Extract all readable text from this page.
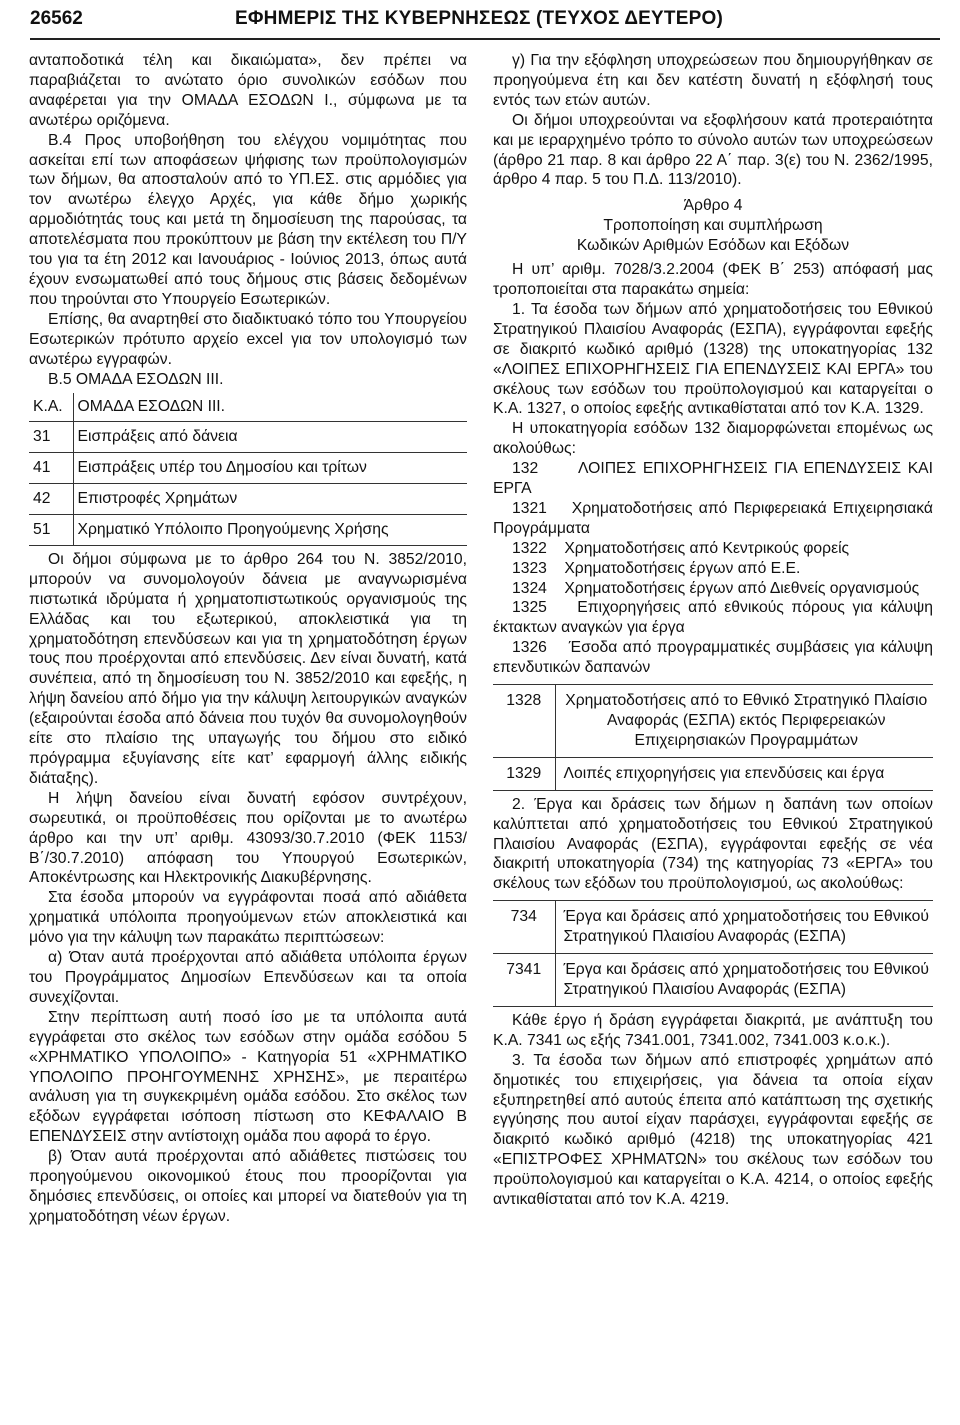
26562	ΕΦΗΜΕΡΙΣ ΤΗΣ ΚΥΒΕΡΝΗΣΕΩΣ (ΤΕΥΧΟΣ ΔΕΥΤΕΡΟ)

ανταποδοτικά τέλη και δικαιώματα», δεν πρέπει να παραβιάζεται το ανώτατο όριο συνολικών εσόδων που αναφέρεται για την ΟΜΑΔΑ ΕΣΟΔΩΝ Ι., σύμφωνα με τα ανωτέρω οριζόμενα.

Β.4 Προς υποβοήθηση του ελέγχου νομιμότητας που ασκείται επί των αποφάσεων ψήφισης των προϋπολογισμών των δήμων, θα αποσταλούν από το ΥΠ.ΕΣ. στις αρμόδιες για τον ανωτέρω έλεγχο Αρχές, για κάθε δήμο χωρικής αρμοδιότητάς τους και μετά τη δημοσίευση της παρούσας, τα αποτελέσματα που προκύπτουν με βάση την εκτέλεση του Π/Υ του για τα έτη 2012 και Ιανουάριος - Ιούνιος 2013, όπως αυτά έχουν ενσωματωθεί από τους δήμους στις βάσεις δεδομένων που τηρούνται στο Υπουργείο Εσωτερικών.

Επίσης, θα αναρτηθεί στο διαδικτυακό τόπο του Υπουργείου Εσωτερικών πρότυπο αρχείο excel για τον υπολογισμό των ανωτέρω εγγραφών.

Β.5 ΟΜΑΔΑ ΕΣΟΔΩΝ ΙΙΙ.

Κ.Α.	ΟΜΑΔΑ ΕΣΟΔΩΝ ΙΙΙ.
31	Εισπράξεις από δάνεια
41	Εισπράξεις υπέρ του Δημοσίου και τρίτων
42	Επιστροφές Χρημάτων
51	Χρηματικό Υπόλοιπο Προηγούμενης Χρήσης

Οι δήμοι σύμφωνα με το άρθρο 264 του Ν. 3852/2010, μπορούν να συνομολογούν δάνεια με αναγνωρισμένα πιστωτικά ιδρύματα ή χρηματοπιστωτικούς οργανισμούς της Ελλάδας και του εξωτερικού, αποκλειστικά για τη χρηματοδότηση επενδύσεων και για τη χρηματοδότηση έργων τους που προέρχονται από επενδύσεις. Δεν είναι δυνατή, κατά συνέπεια, από τη δημοσίευση του Ν. 3852/2010 και εφεξής, η λήψη δανείου από δήμο για την κάλυψη λειτουργικών αναγκών (εξαιρούνται έσοδα από δάνεια που τυχόν θα συνομολογηθούν είτε στο πλαίσιο της υπαγωγής του δήμου στο ειδικό πρόγραμμα εξυγίανσης είτε κατ’ εφαρμογή άλλης ειδικής διάταξης).

Η λήψη δανείου είναι δυνατή εφόσον συντρέχουν, σωρευτικά, οι προϋποθέσεις που ορίζονται με το ανωτέρω άρθρο και την υπ’ αριθμ. 43093/30.7.2010 (ΦΕΚ 1153/Β΄/30.7.2010) απόφαση του Υπουργού Εσωτερικών, Αποκέντρωσης και Ηλεκτρονικής Διακυβέρνησης.

Στα έσοδα μπορούν να εγγράφονται ποσά από αδιάθετα χρηματικά υπόλοιπα προηγούμενων ετών αποκλειστικά και μόνο για την κάλυψη των παρακάτω περιπτώσεων:

α) Όταν αυτά προέρχονται από αδιάθετα υπόλοιπα έργων του Προγράμματος Δημοσίων Επενδύσεων και τα οποία συνεχίζονται.

Στην περίπτωση αυτή ποσό ίσο με τα υπόλοιπα αυτά εγγράφεται στο σκέλος των εσόδων στην ομάδα εσόδου 5 «ΧΡΗΜΑΤΙΚΟ ΥΠΟΛΟΙΠΟ» - Κατηγορία 51 «ΧΡΗΜΑΤΙΚΟ ΥΠΟΛΟΙΠΟ ΠΡΟΗΓΟΥΜΕΝΗΣ ΧΡΗΣΗΣ», με περαιτέρω ανάλυση για τη συγκεκριμένη ομάδα εσόδου. Στο σκέλος των εξόδων εγγράφεται ισόποση πίστωση στο ΚΕΦΑΛΑΙΟ Β ΕΠΕΝΔΥΣΕΙΣ στην αντίστοιχη ομάδα που αφορά το έργο.

β) Όταν αυτά προέρχονται από αδιάθετες πιστώσεις του προηγούμενου οικονομικού έτους που προορίζονται για δημόσιες επενδύσεις, οι οποίες και μπορεί να διατεθούν για τη χρηματοδότηση νέων έργων.

γ) Για την εξόφληση υποχρεώσεων που δημιουργήθηκαν σε προηγούμενα έτη και δεν κατέστη δυνατή η εξόφλησή τους εντός των ετών αυτών.

Οι δήμοι υποχρεούνται να εξοφλήσουν κατά προτεραιότητα και με ιεραρχημένο τρόπο το σύνολο αυτών των υποχρεώσεων (άρθρο 21 παρ. 8 και άρθρο 22 Α΄ παρ. 3(ε) του Ν. 2362/1995, άρθρο 4 παρ. 5 του Π.Δ. 113/2010).

Άρθρο 4

Τροποποίηση και συμπλήρωση

Κωδικών Αριθμών Εσόδων και Εξόδων

Η υπ’ αριθμ. 7028/3.2.2004 (ΦΕΚ Β΄ 253) απόφασή μας τροποποιείται στα παρακάτω σημεία:

1. Τα έσοδα των δήμων από χρηματοδοτήσεις του Εθνικού Στρατηγικού Πλαισίου Αναφοράς (ΕΣΠΑ), εγγράφονται εφεξής σε διακριτό κωδικό αριθμό (1328) της υποκατηγορίας 132 «ΛΟΙΠΕΣ ΕΠΙΧΟΡΗΓΗΣΕΙΣ ΓΙΑ ΕΠΕΝΔΥΣΕΙΣ ΚΑΙ ΕΡΓΑ» του σκέλους των εσόδων του προϋπολογισμού και καταργείται ο Κ.Α. 1327, ο οποίος εφεξής αντικαθίσταται από τον Κ.Α. 1329.

Η υποκατηγορία εσόδων 132 διαμορφώνεται επομένως ως ακολούθως:

132	ΛΟΙΠΕΣ ΕΠΙΧΟΡΗΓΗΣΕΙΣ ΓΙΑ ΕΠΕΝΔΥΣΕΙΣ ΚΑΙ ΕΡΓΑ

1321 Χρηματοδοτήσεις από Περιφερειακά Επιχειρησιακά Προγράμματα

1322 Χρηματοδοτήσεις από Κεντρικούς φορείς

1323 Χρηματοδοτήσεις έργων από Ε.Ε.

1324 Χρηματοδοτήσεις έργων από Διεθνείς οργανισμούς

1325 Επιχορηγήσεις από εθνικούς πόρους για κάλυψη έκτακτων αναγκών για έργα

1326 Έσοδα από προγραμματικές συμβάσεις για κάλυψη επενδυτικών δαπανών

1328	Χρηματοδοτήσεις από το Εθνικό Στρατηγικό Πλαίσιο Αναφοράς (ΕΣΠΑ) εκτός Περιφερειακών Επιχειρησιακών Προγραμμάτων
1329	Λοιπές επιχορηγήσεις για επενδύσεις και έργα

2. Έργα και δράσεις των δήμων η δαπάνη των οποίων καλύπτεται από χρηματοδοτήσεις του Εθνικού Στρατηγικού Πλαισίου Αναφοράς (ΕΣΠΑ), εγγράφονται εφεξής σε νέα διακριτή υποκατηγορία (734) της κατηγορίας 73 «ΕΡΓΑ» του σκέλους των εξόδων του προϋπολογισμού, ως ακολούθως:

734	Έργα και δράσεις από χρηματοδοτήσεις του Εθνικού Στρατηγικού Πλαισίου Αναφοράς (ΕΣΠΑ)
7341	Έργα και δράσεις από χρηματοδοτήσεις του Εθνικού Στρατηγικού Πλαισίου Αναφοράς (ΕΣΠΑ)

Κάθε έργο ή δράση εγγράφεται διακριτά, με ανάπτυξη του Κ.Α. 7341 ως εξής 7341.001, 7341.002, 7341.003 κ.ο.κ.).

3. Τα έσοδα των δήμων από επιστροφές χρημάτων από δημοτικές του επιχειρήσεις, για δάνεια τα οποία είχαν εξυπηρετηθεί από αυτούς έπειτα από κατάπτωση της σχετικής εγγύησης που αυτοί είχαν παράσχει, εγγράφονται εφεξής σε διακριτό κωδικό αριθμό (4218) της υποκατηγορίας 421 «ΕΠΙΣΤΡΟΦΕΣ ΧΡΗΜΑΤΩΝ» του σκέλους των εσόδων του προϋπολογισμού και καταργείται ο Κ.Α. 4214, ο οποίος εφεξής αντικαθίσταται από τον Κ.Α. 4219.
